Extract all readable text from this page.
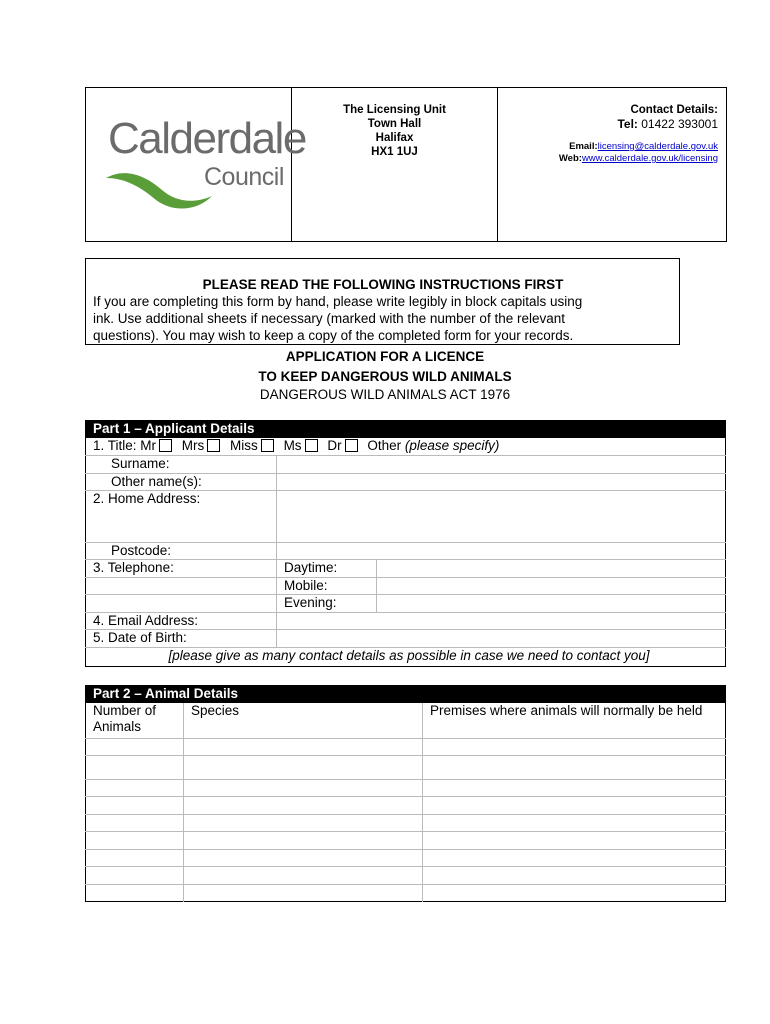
Calderdale
Council
The Licensing Unit
Town Hall
Halifax
HX1 1UJ
Contact Details:
Tel: 01422 393001
Email:licensing@calderdale.gov.uk
Web:www.calderdale.gov.uk/licensing
PLEASE READ THE FOLLOWING INSTRUCTIONS FIRST
If you are completing this form by hand, please write legibly in block capitals using
ink. Use additional sheets if necessary (marked with the number of the relevant
questions). You may wish to keep a copy of the completed form for your records.
APPLICATION FOR A LICENCE
TO KEEP DANGEROUS WILD ANIMALS
DANGEROUS WILD ANIMALS ACT 1976
Part 1 – Applicant Details		
1. Title: Mr Mrs Miss Ms Dr Other (please specify)		
Surname:		
Other name(s):		
2. Home Address:		
Postcode:		
3. Telephone:	Daytime:	
	Mobile:	
	Evening:	
4. Email Address:		
5. Date of Birth:		
[please give as many contact details as possible in case we need to contact you]		
Part 2 – Animal Details		
Number of Animals	Species	Premises where animals will normally be held
